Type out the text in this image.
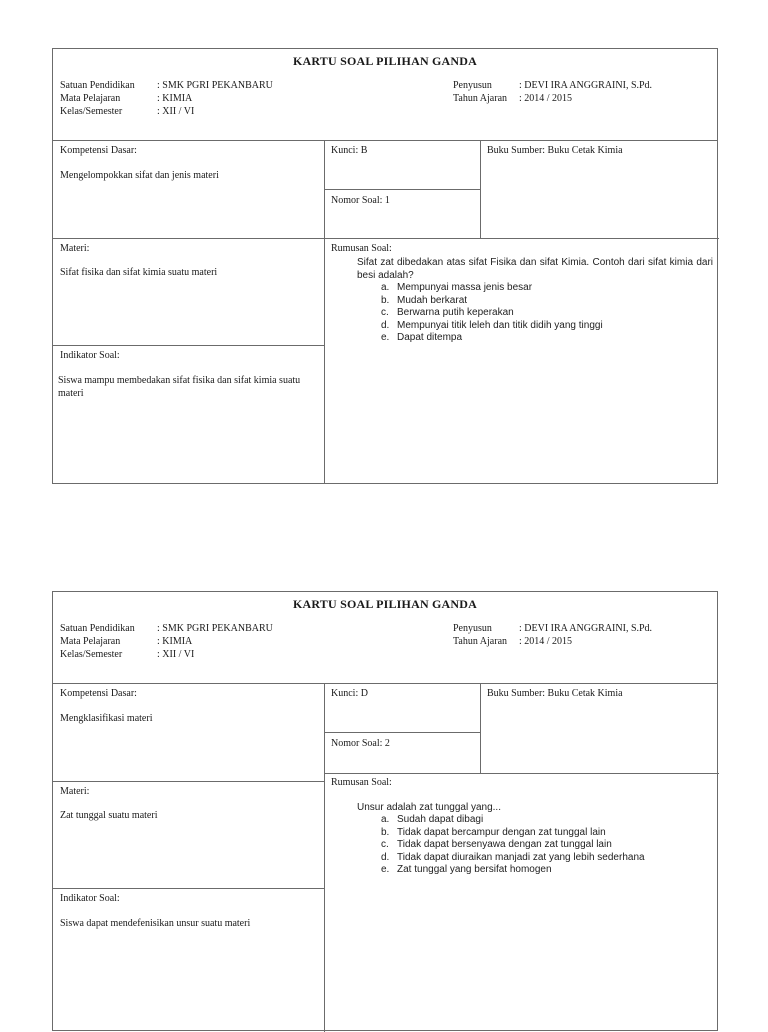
KARTU SOAL PILIHAN GANDA
Satuan Pendidikan : SMK PGRI PEKANBARU
Mata Pelajaran	: KIMIA
Kelas/Semester	: XII / VI
Penyusun	: DEVI IRA ANGGRAINI, S.Pd.
Tahun Ajaran : 2014 / 2015
Kompetensi Dasar:
Mengelompokkan sifat dan jenis materi
Kunci: B
Nomor Soal: 1
Buku Sumber: Buku Cetak Kimia
Materi:
Sifat fisika dan sifat kimia suatu materi
Indikator Soal:
Siswa mampu membedakan sifat fisika dan sifat kimia suatu materi
Rumusan Soal:
Sifat zat dibedakan atas sifat Fisika dan sifat Kimia. Contoh dari sifat kimia dari besi adalah?
a. Mempunyai massa jenis besar
b. Mudah berkarat
c. Berwarna putih keperakan
d. Mempunyai titik leleh dan titik didih yang tinggi
e. Dapat ditempa
KARTU SOAL PILIHAN GANDA
Satuan Pendidikan : SMK PGRI PEKANBARU
Mata Pelajaran	: KIMIA
Kelas/Semester	: XII / VI
Penyusun	: DEVI IRA ANGGRAINI, S.Pd.
Tahun Ajaran : 2014 / 2015
Kompetensi Dasar:
Mengklasifikasi materi
Kunci: D
Nomor Soal: 2
Buku Sumber: Buku Cetak Kimia
Materi:
Zat tunggal suatu materi
Indikator Soal:
Siswa dapat mendefenisikan unsur suatu materi
Rumusan Soal:
Unsur adalah zat tunggal yang...
a. Sudah dapat dibagi
b. Tidak dapat bercampur dengan zat tunggal lain
c. Tidak dapat bersenyawa dengan zat tunggal lain
d. Tidak dapat diuraikan manjadi zat yang lebih sederhana
e. Zat tunggal yang bersifat homogen
